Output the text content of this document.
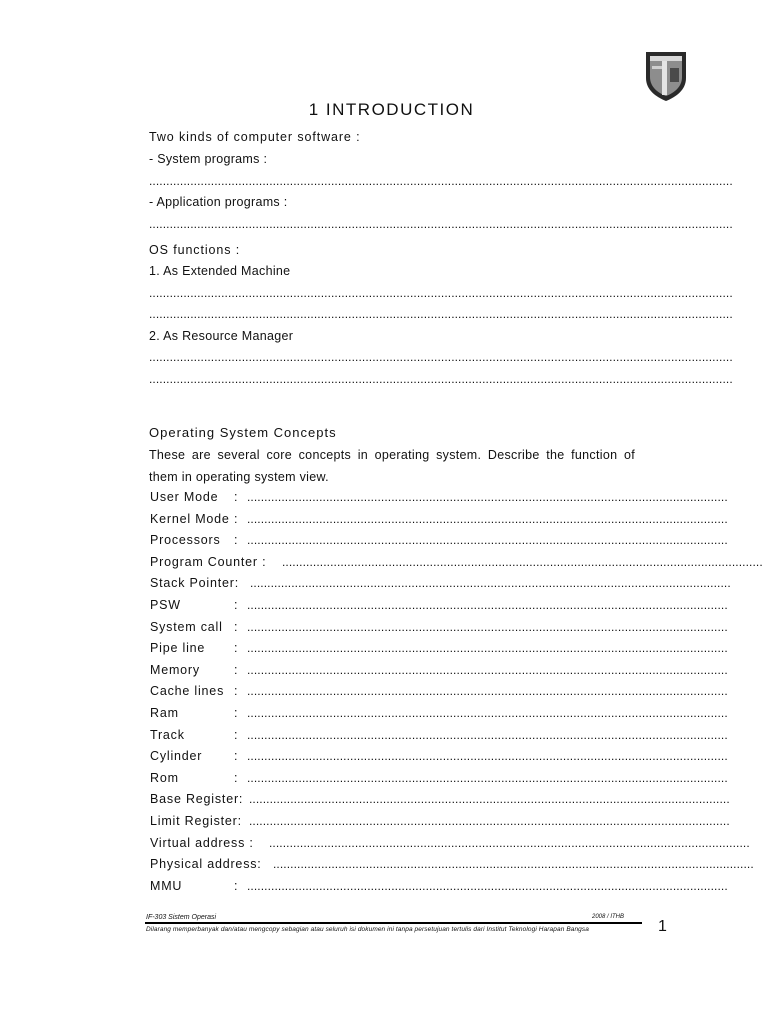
1 INTRODUCTION
Two kinds of computer software :
- System programs :
..........................................................................................................................................................................
- Application programs :
..........................................................................................................................................................................
OS functions :
1. As Extended Machine
..........................................................................................................................................................................
..........................................................................................................................................................................
2. As Resource Manager
..........................................................................................................................................................................
..........................................................................................................................................................................
Operating System Concepts
These are several core concepts in operating system. Describe the function of them in operating system view.
User Mode : ............................................................................................................................................
Kernel Mode : ............................................................................................................................................
Processors : ............................................................................................................................................
Program Counter : ............................................................................................................................................
Stack Pointer: ............................................................................................................................................
PSW	: ............................................................................................................................................
System call : ............................................................................................................................................
Pipe line : ............................................................................................................................................
Memory	: ............................................................................................................................................
Cache lines : ............................................................................................................................................
Ram	: ............................................................................................................................................
Track	: ............................................................................................................................................
Cylinder	: ............................................................................................................................................
Rom	: ............................................................................................................................................
Base Register: ............................................................................................................................................
Limit Register: ............................................................................................................................................
Virtual address : ............................................................................................................................................
Physical address: ............................................................................................................................................
MMU	: ............................................................................................................................................
IF-303 Sistem Operasi	2008 / ITHB
Dilarang memperbanyak dan/atau mengcopy sebagian atau seluruh isi dokumen ini tanpa persetujuan tertulis dari Institut Teknologi Harapan Bangsa	1
